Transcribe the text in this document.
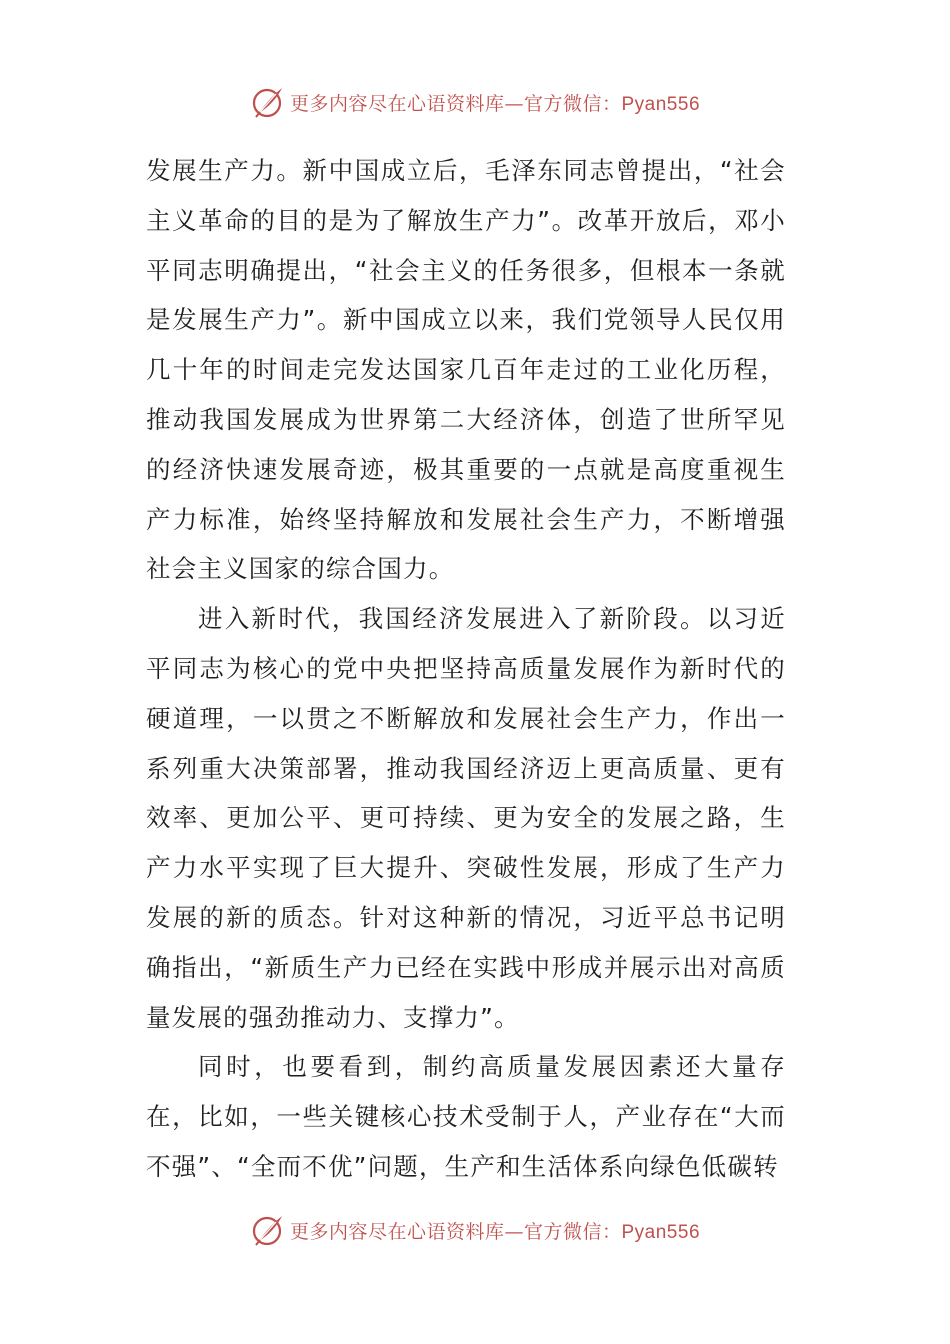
更多内容尽在心语资料库—官方微信：Pyan556

发展生产力。新中国成立后，毛泽东同志曾提出，“社会主义革命的目的是为了解放生产力”。改革开放后，邓小平同志明确提出，“社会主义的任务很多，但根本一条就是发展生产力”。新中国成立以来，我们党领导人民仅用几十年的时间走完发达国家几百年走过的工业化历程，推动我国发展成为世界第二大经济体，创造了世所罕见的经济快速发展奇迹，极其重要的一点就是高度重视生产力标准，始终坚持解放和发展社会生产力，不断增强社会主义国家的综合国力。

进入新时代，我国经济发展进入了新阶段。以习近平同志为核心的党中央把坚持高质量发展作为新时代的硬道理，一以贯之不断解放和发展社会生产力，作出一系列重大决策部署，推动我国经济迈上更高质量、更有效率、更加公平、更可持续、更为安全的发展之路，生产力水平实现了巨大提升、突破性发展，形成了生产力发展的新的质态。针对这种新的情况，习近平总书记明确指出，“新质生产力已经在实践中形成并展示出对高质量发展的强劲推动力、支撑力”。

同时，也要看到，制约高质量发展因素还大量存在，比如，一些关键核心技术受制于人，产业存在“大而不强”、“全而不优”问题，生产和生活体系向绿色低碳转

更多内容尽在心语资料库—官方微信：Pyan556
